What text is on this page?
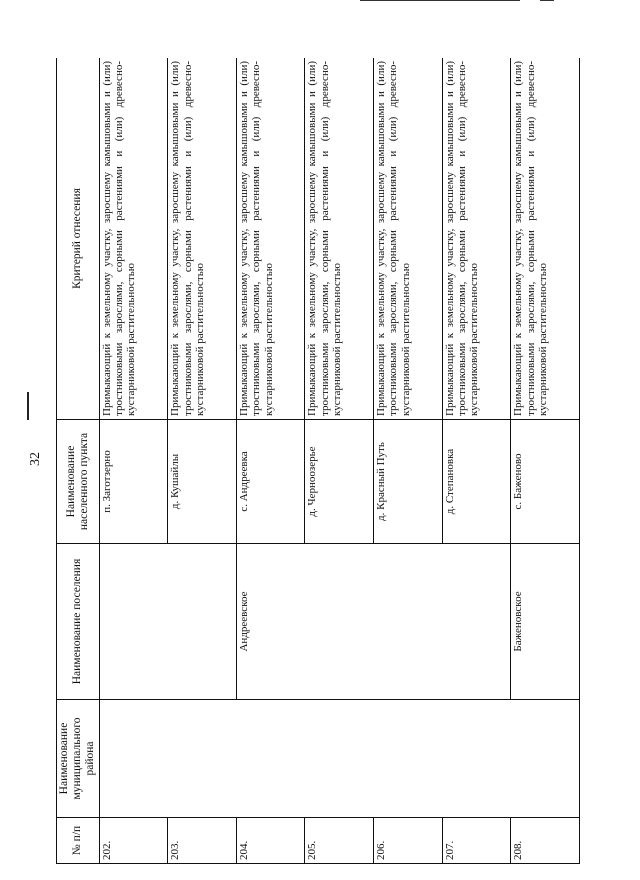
32
№ п/п	Наименование муниципального района	Наименование поселения	Наименование населенного пункта	Критерий отнесения
202.			п. Заготзерно	Примыкающий к земельному участку, заросшему камышовыми и (или) тростниковыми зарослями, сорными растениями и (или) древесно-кустарниковой растительностью
203.			д. Кушайлы	Примыкающий к земельному участку, заросшему камышовыми и (или) тростниковыми зарослями, сорными растениями и (или) древесно-кустарниковой растительностью
204.		Андреевское	с. Андреевка	Примыкающий к земельному участку, заросшему камышовыми и (или) тростниковыми зарослями, сорными растениями и (или) древесно-кустарниковой растительностью
205.			д. Черноозерье	Примыкающий к земельному участку, заросшему камышовыми и (или) тростниковыми зарослями, сорными растениями и (или) древесно-кустарниковой растительностью
206.			д. Красный Путь	Примыкающий к земельному участку, заросшему камышовыми и (или) тростниковыми зарослями, сорными растениями и (или) древесно-кустарниковой растительностью
207.			д. Степановка	Примыкающий к земельному участку, заросшему камышовыми и (или) тростниковыми зарослями, сорными растениями и (или) древесно-кустарниковой растительностью
208.		Баженовское	с. Баженово	Примыкающий к земельному участку, заросшему камышовыми и (или) тростниковыми зарослями, сорными растениями и (или) древесно-кустарниковой растительностью
